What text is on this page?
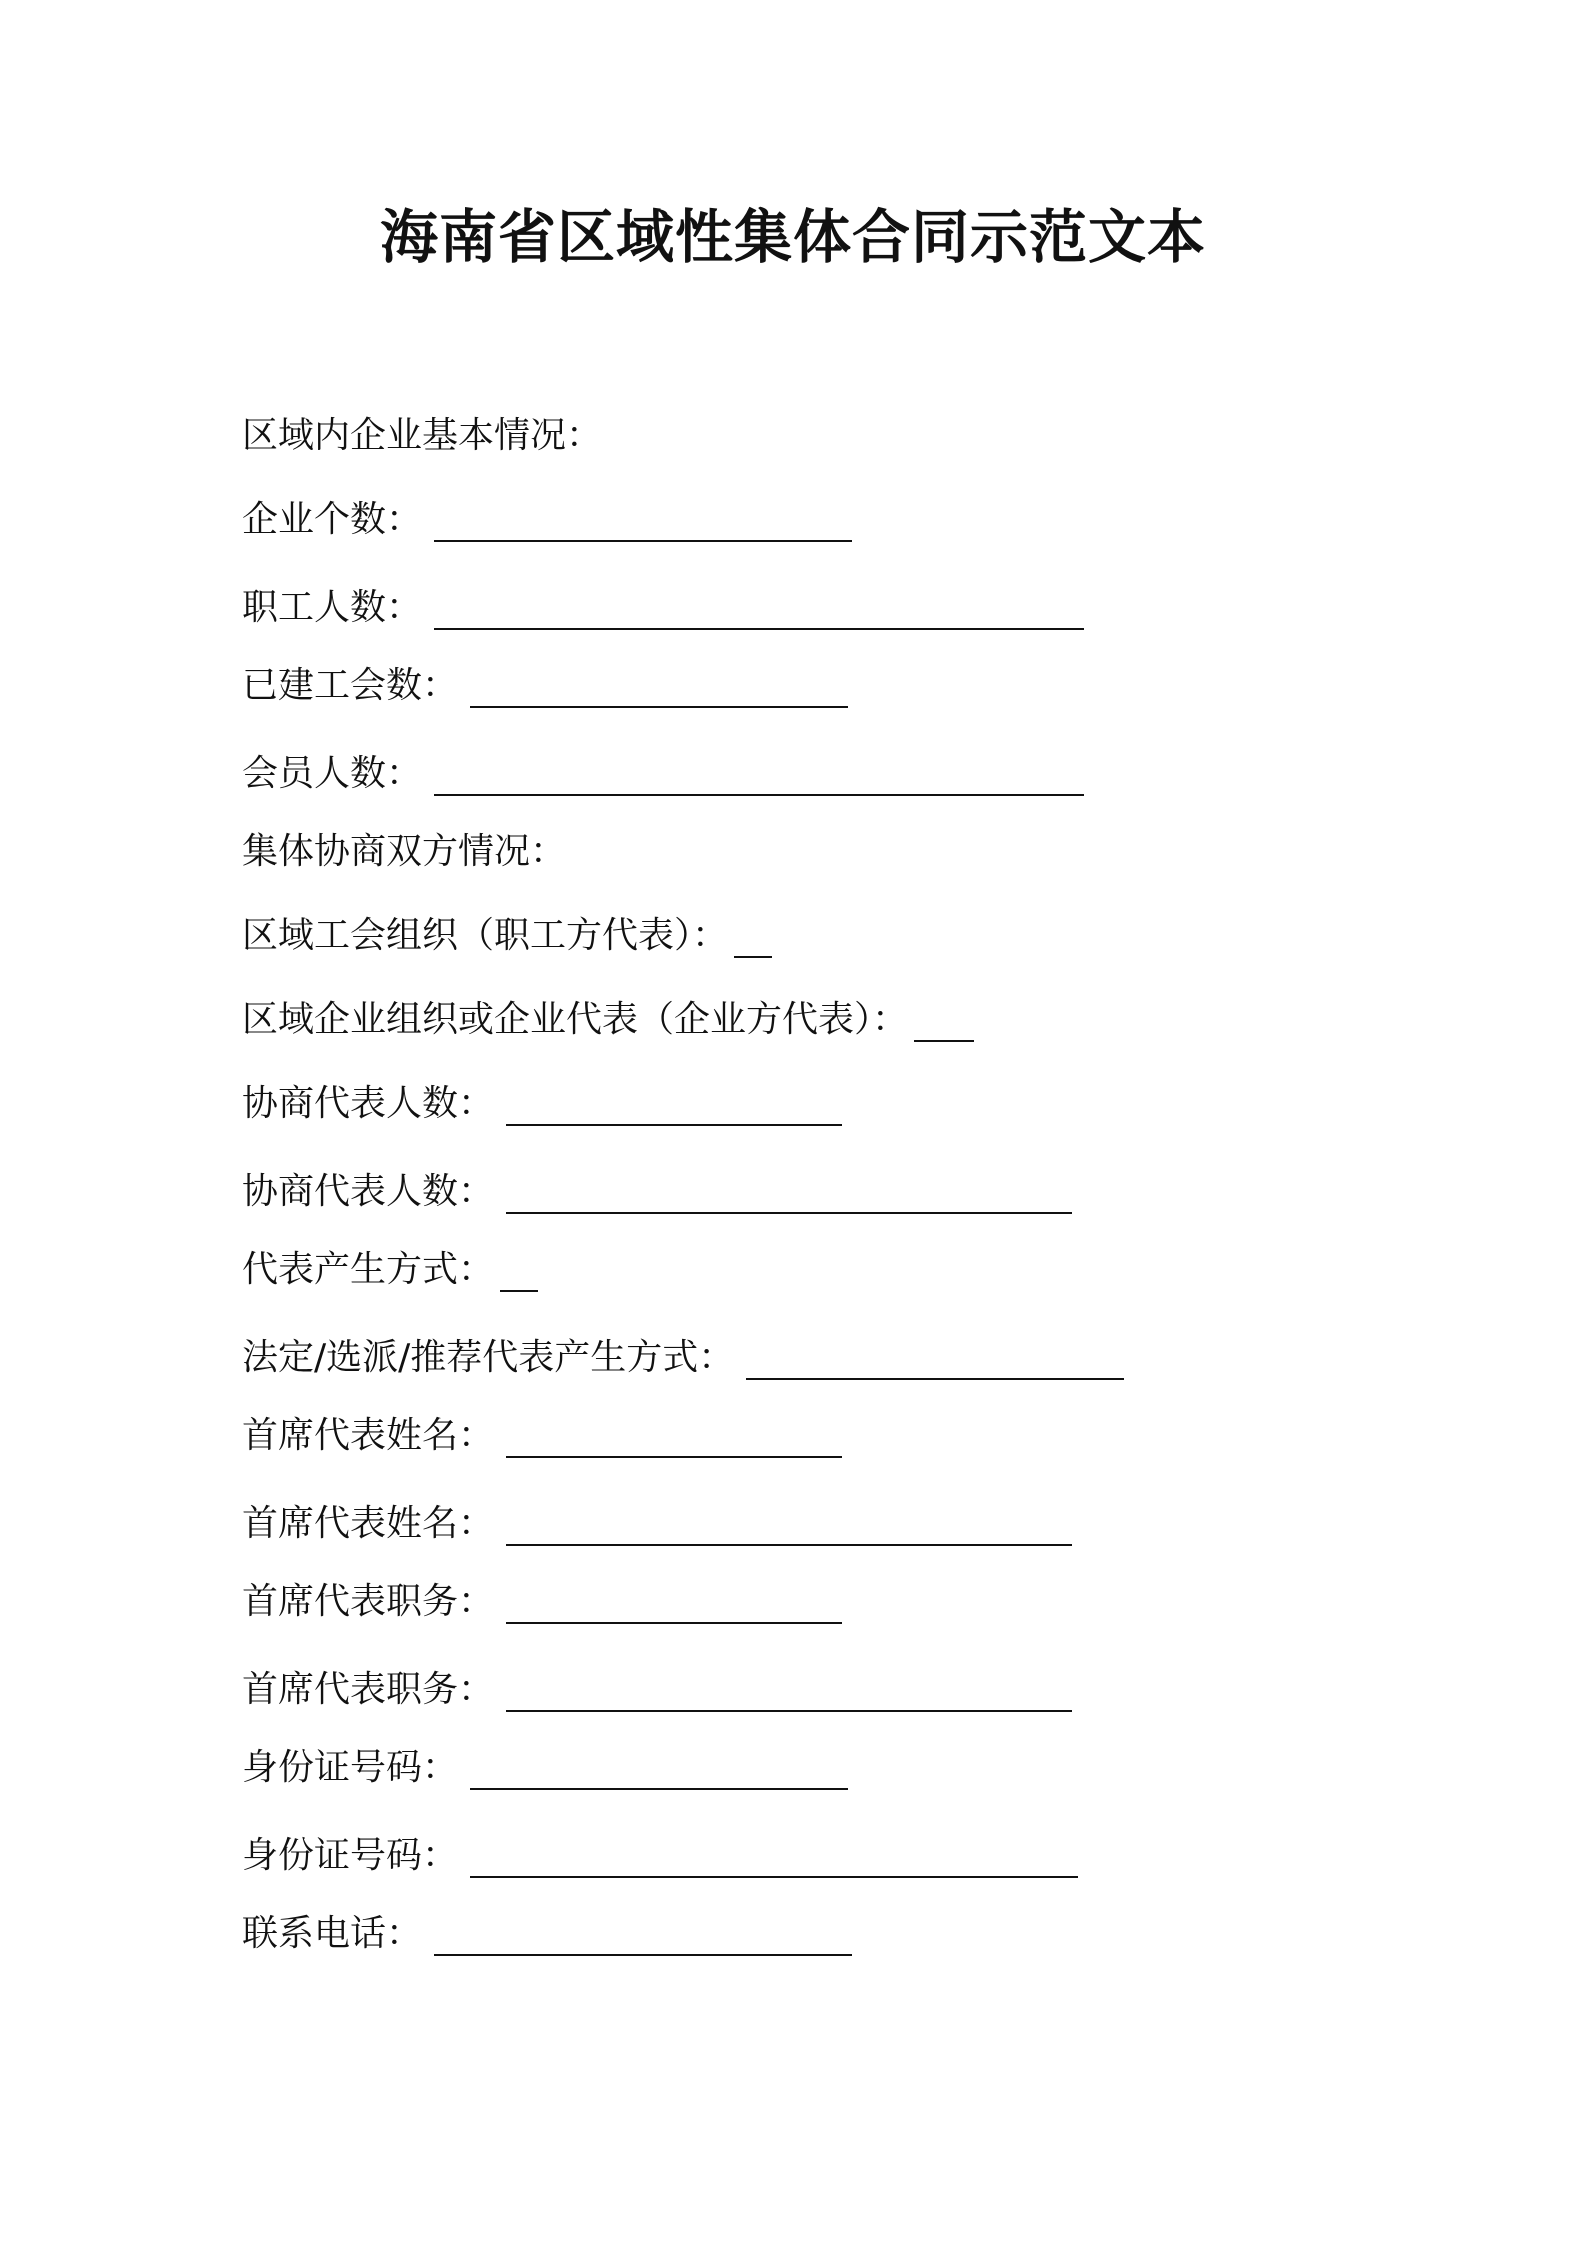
海南省区域性集体合同示范文本
区域内企业基本情况：
企业个数：
职工人数：
已建工会数：
会员人数：
集体协商双方情况：
区域工会组织（职工方代表）：
区域企业组织或企业代表（企业方代表）：
协商代表人数：
协商代表人数：
代表产生方式：
法定/选派/推荐代表产生方式：
首席代表姓名：
首席代表姓名：
首席代表职务：
首席代表职务：
身份证号码：
身份证号码：
联系电话：
